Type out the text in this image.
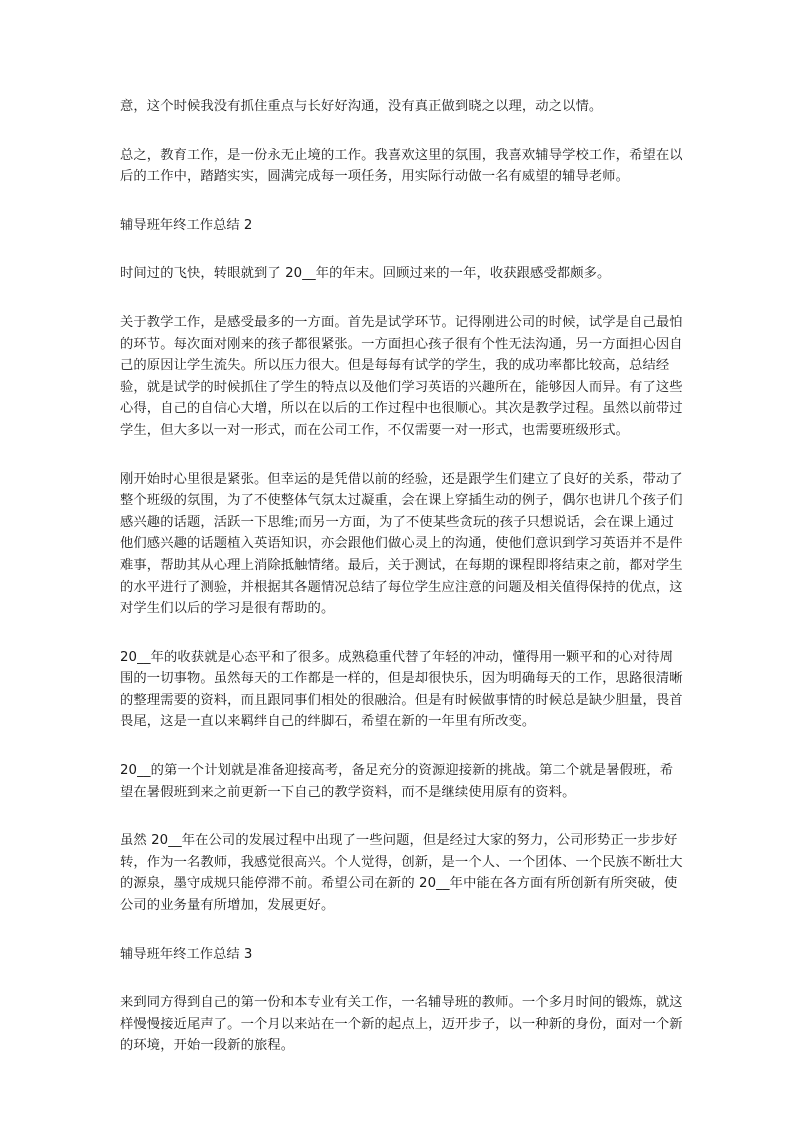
意，这个时候我没有抓住重点与长好好沟通，没有真正做到晓之以理，动之以情。

总之，教育工作，是一份永无止境的工作。我喜欢这里的氛围，我喜欢辅导学校工作，希望在以后的工作中，踏踏实实，圆满完成每一项任务，用实际行动做一名有威望的辅导老师。

辅导班年终工作总结 2

时间过的飞快，转眼就到了 20__年的年末。回顾过来的一年，收获跟感受都颇多。

关于教学工作，是感受最多的一方面。首先是试学环节。记得刚进公司的时候，试学是自己最怕的环节。每次面对刚来的孩子都很紧张。一方面担心孩子很有个性无法沟通，另一方面担心因自己的原因让学生流失。所以压力很大。但是每每有试学的学生，我的成功率都比较高，总结经验，就是试学的时候抓住了学生的特点以及他们学习英语的兴趣所在，能够因人而异。有了这些心得，自己的自信心大增，所以在以后的工作过程中也很顺心。其次是教学过程。虽然以前带过学生，但大多以一对一形式，而在公司工作，不仅需要一对一形式，也需要班级形式。

刚开始时心里很是紧张。但幸运的是凭借以前的经验，还是跟学生们建立了良好的关系，带动了整个班级的氛围，为了不使整体气氛太过凝重，会在课上穿插生动的例子，偶尔也讲几个孩子们感兴趣的话题，活跃一下思维;而另一方面，为了不使某些贪玩的孩子只想说话，会在课上通过他们感兴趣的话题植入英语知识，亦会跟他们做心灵上的沟通，使他们意识到学习英语并不是件难事，帮助其从心理上消除抵触情绪。最后，关于测试，在每期的课程即将结束之前，都对学生的水平进行了测验，并根据其各题情况总结了每位学生应注意的问题及相关值得保持的优点，这对学生们以后的学习是很有帮助的。

20__年的收获就是心态平和了很多。成熟稳重代替了年轻的冲动，懂得用一颗平和的心对待周围的一切事物。虽然每天的工作都是一样的，但是却很快乐，因为明确每天的工作，思路很清晰的整理需要的资料，而且跟同事们相处的很融洽。但是有时候做事情的时候总是缺少胆量，畏首畏尾，这是一直以来羁绊自己的绊脚石，希望在新的一年里有所改变。

20__的第一个计划就是准备迎接高考，备足充分的资源迎接新的挑战。第二个就是暑假班，希望在暑假班到来之前更新一下自己的教学资料，而不是继续使用原有的资料。

虽然 20__年在公司的发展过程中出现了一些问题，但是经过大家的努力，公司形势正一步步好转，作为一名教师，我感觉很高兴。个人觉得，创新，是一个人、一个团体、一个民族不断壮大的源泉，墨守成规只能停滞不前。希望公司在新的 20__年中能在各方面有所创新有所突破，使公司的业务量有所增加，发展更好。

辅导班年终工作总结 3

来到同方得到自己的第一份和本专业有关工作，一名辅导班的教师。一个多月时间的锻炼，就这样慢慢接近尾声了。一个月以来站在一个新的起点上，迈开步子，以一种新的身份，面对一个新的环境，开始一段新的旅程。
